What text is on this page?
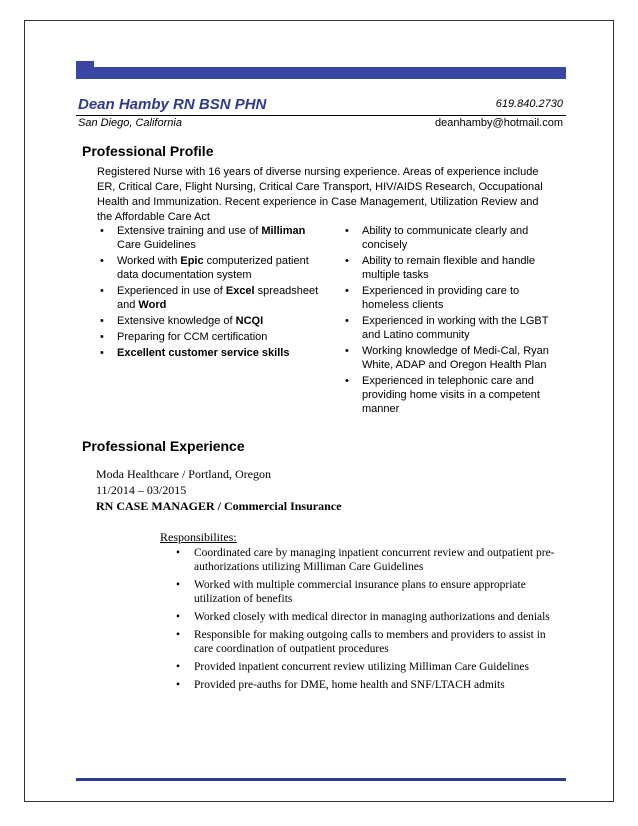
Dean Hamby RN BSN PHN	619.840.2730
San Diego, California	deanhamby@hotmail.com
Professional Profile
Registered Nurse with 16 years of diverse nursing experience. Areas of experience include ER, Critical Care, Flight Nursing, Critical Care Transport, HIV/AIDS Research, Occupational Health and Immunization. Recent experience in Case Management, Utilization Review and the Affordable Care Act
• Extensive training and use of Milliman Care Guidelines
• Worked with Epic computerized patient data documentation system
• Experienced in use of Excel spreadsheet and Word
• Extensive knowledge of NCQI
• Preparing for CCM certification
• Excellent customer service skills
• Ability to communicate clearly and concisely
• Ability to remain flexible and handle multiple tasks
• Experienced in providing care to homeless clients
• Experienced in working with the LGBT and Latino community
• Working knowledge of Medi-Cal, Ryan White, ADAP and Oregon Health Plan
• Experienced in telephonic care and providing home visits in a competent manner
Professional Experience
Moda Healthcare / Portland, Oregon
11/2014 – 03/2015
RN CASE MANAGER / Commercial Insurance
Responsibilites:
• Coordinated care by managing inpatient concurrent review and outpatient pre-authorizations utilizing Milliman Care Guidelines
• Worked with multiple commercial insurance plans to ensure appropriate utilization of benefits
• Worked closely with medical director in managing authorizations and denials
• Responsible for making outgoing calls to members and providers to assist in care coordination of outpatient procedures
• Provided inpatient concurrent review utilizing Milliman Care Guidelines
• Provided pre-auths for DME, home health and SNF/LTACH admits
